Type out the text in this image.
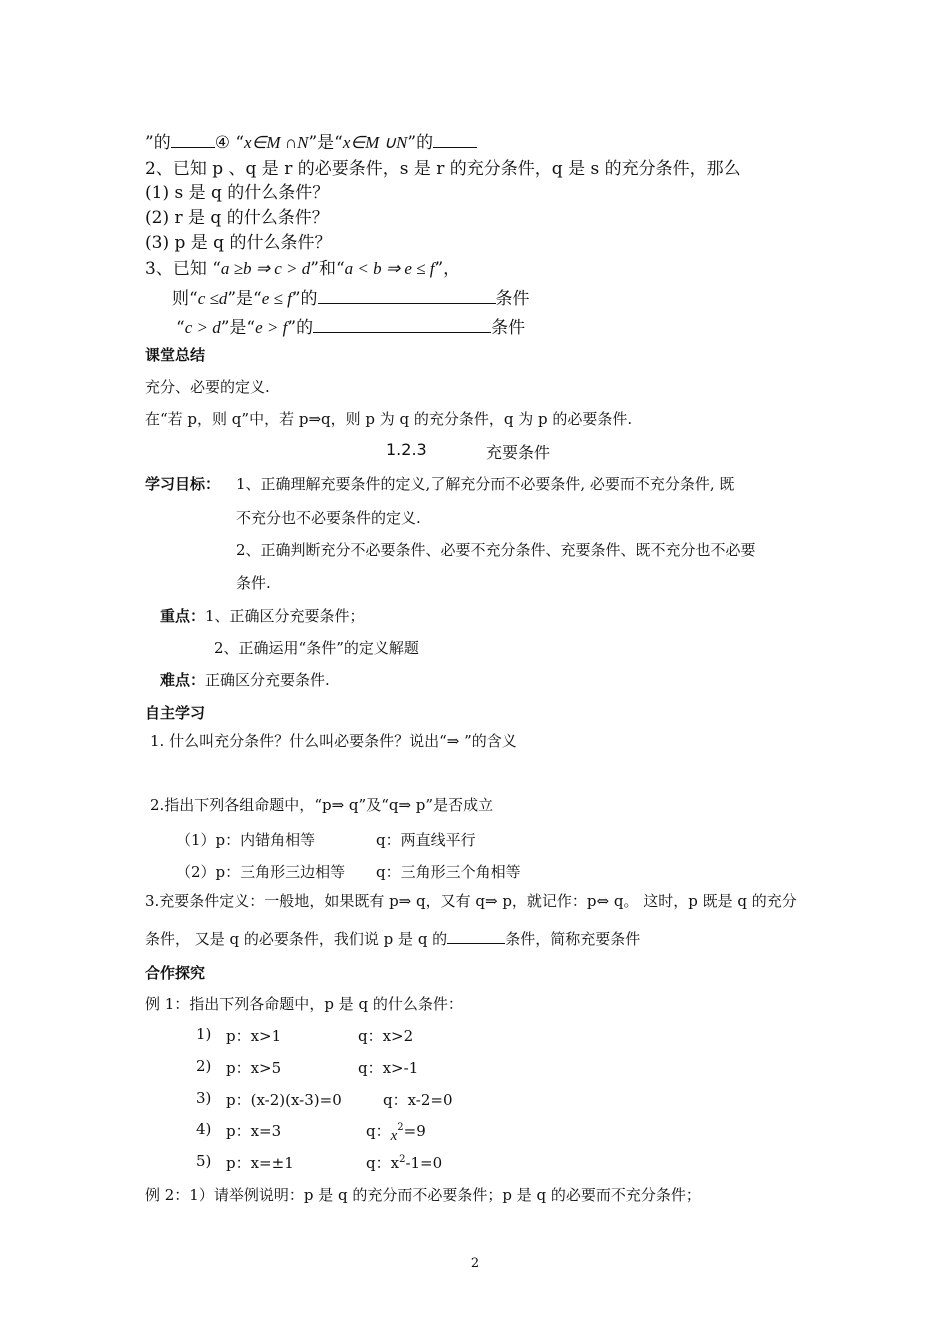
”的	④ “x∈M ∩N”是“x∈M ∪N”的
2、已知 p 、q 是 r 的必要条件，s 是 r 的充分条件，q 是 s 的充分条件，那么
(1) s 是 q 的什么条件？
(2) r 是 q 的什么条件？
(3) p 是 q 的什么条件？
3、已知 “a ≥b ⇒ c > d”和“a < b ⇒ e ≤ f”，
则“c ≤d”是“e ≤ f”的	条件
“c > d”是“e > f”的	条件
课堂总结
充分、必要的定义.
在“若 p，则 q”中，若 p⇒q，则 p 为 q 的充分条件，q 为 p 的必要条件.
1.2.3	充要条件
学习目标： 1、正确理解充要条件的定义,了解充分而不必要条件, 必要而不充分条件, 既
不充分也不必要条件的定义.
2、正确判断充分不必要条件、必要不充分条件、充要条件、既不充分也不必要
条件.
重点：1、正确区分充要条件；
2、正确运用“条件”的定义解题
难点：正确区分充要条件.
自主学习
1. 什么叫充分条件？什么叫必要条件？说出“⇒ ”的含义
2.指出下列各组命题中，“p⇒ q”及“q⇒ p”是否成立
（1）p：内错角相等	q：两直线平行
（2）p：三角形三边相等 q：三角形三个角相等
3.充要条件定义：一般地，如果既有 p⇒ q，又有 q⇒ p，就记作：p⇔ q。 这时，p 既是 q 的充分
条件， 又是 q 的必要条件，我们说 p 是 q 的	条件，简称充要条件
合作探究
例 1：指出下列各命题中，p 是 q 的什么条件：
1) p：x>1	q：x>2
2) p：x>5	q：x>-1
3) p：(x-2)(x-3)=0	q：x-2=0
4) p：x=3	q：$x^2=9$
5) p：x=±1	q：$x^2-1=0$
例 2：1）请举例说明：p 是 q 的充分而不必要条件；p 是 q 的必要而不充分条件；
2
